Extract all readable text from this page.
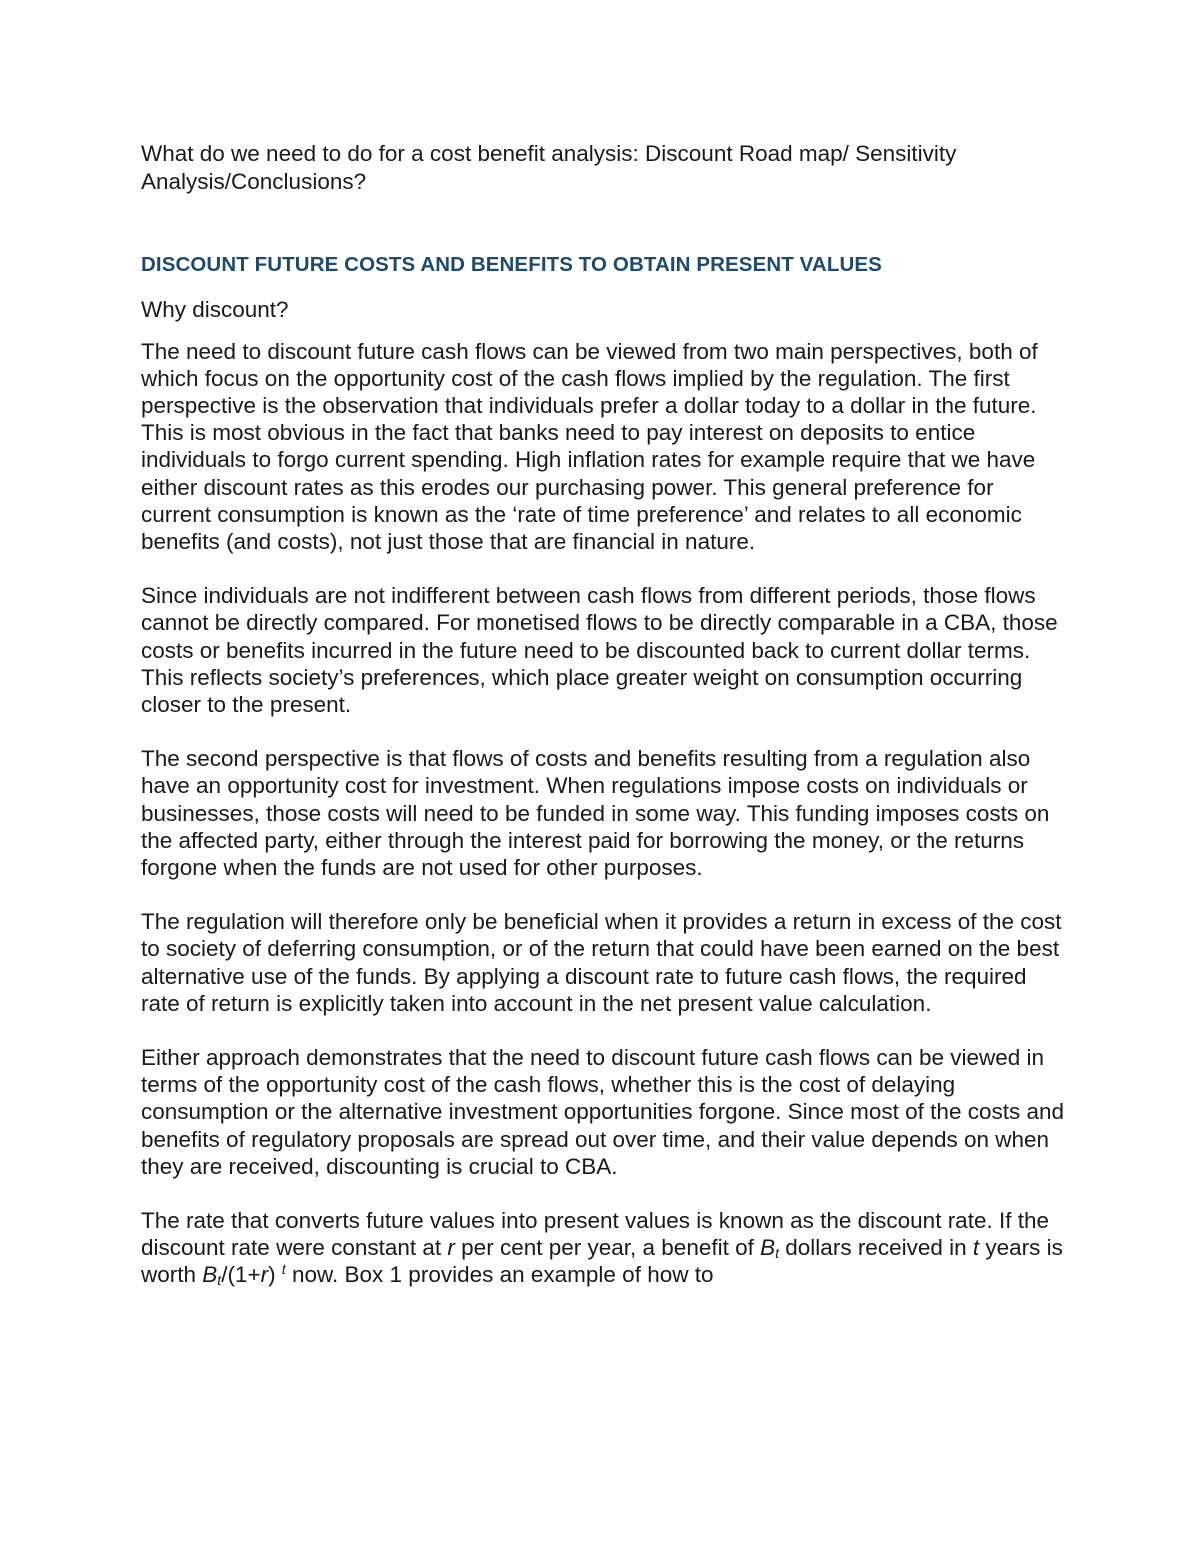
What do we need to do for a cost benefit analysis: Discount Road map/ Sensitivity Analysis/Conclusions?

DISCOUNT FUTURE COSTS AND BENEFITS TO OBTAIN PRESENT VALUES

Why discount?

The need to discount future cash flows can be viewed from two main perspectives, both of which focus on the opportunity cost of the cash flows implied by the regulation. The first perspective is the observation that individuals prefer a dollar today to a dollar in the future. This is most obvious in the fact that banks need to pay interest on deposits to entice individuals to forgo current spending. High inflation rates for example require that we have either discount rates as this erodes our purchasing power. This general preference for current consumption is known as the ‘rate of time preference’ and relates to all economic benefits (and costs), not just those that are financial in nature.

Since individuals are not indifferent between cash flows from different periods, those flows cannot be directly compared. For monetised flows to be directly comparable in a CBA, those costs or benefits incurred in the future need to be discounted back to current dollar terms. This reflects society’s preferences, which place greater weight on consumption occurring closer to the present.

The second perspective is that flows of costs and benefits resulting from a regulation also have an opportunity cost for investment. When regulations impose costs on individuals or businesses, those costs will need to be funded in some way. This funding imposes costs on the affected party, either through the interest paid for borrowing the money, or the returns forgone when the funds are not used for other purposes.

The regulation will therefore only be beneficial when it provides a return in excess of the cost to society of deferring consumption, or of the return that could have been earned on the best alternative use of the funds. By applying a discount rate to future cash flows, the required rate of return is explicitly taken into account in the net present value calculation.

Either approach demonstrates that the need to discount future cash flows can be viewed in terms of the opportunity cost of the cash flows, whether this is the cost of delaying consumption or the alternative investment opportunities forgone. Since most of the costs and benefits of regulatory proposals are spread out over time, and their value depends on when they are received, discounting is crucial to CBA.

The rate that converts future values into present values is known as the discount rate. If the discount rate were constant at r per cent per year, a benefit of $B_t$ dollars received in t years is worth $B_t/(1+r)$ $^t$ now. Box 1 provides an example of how to
